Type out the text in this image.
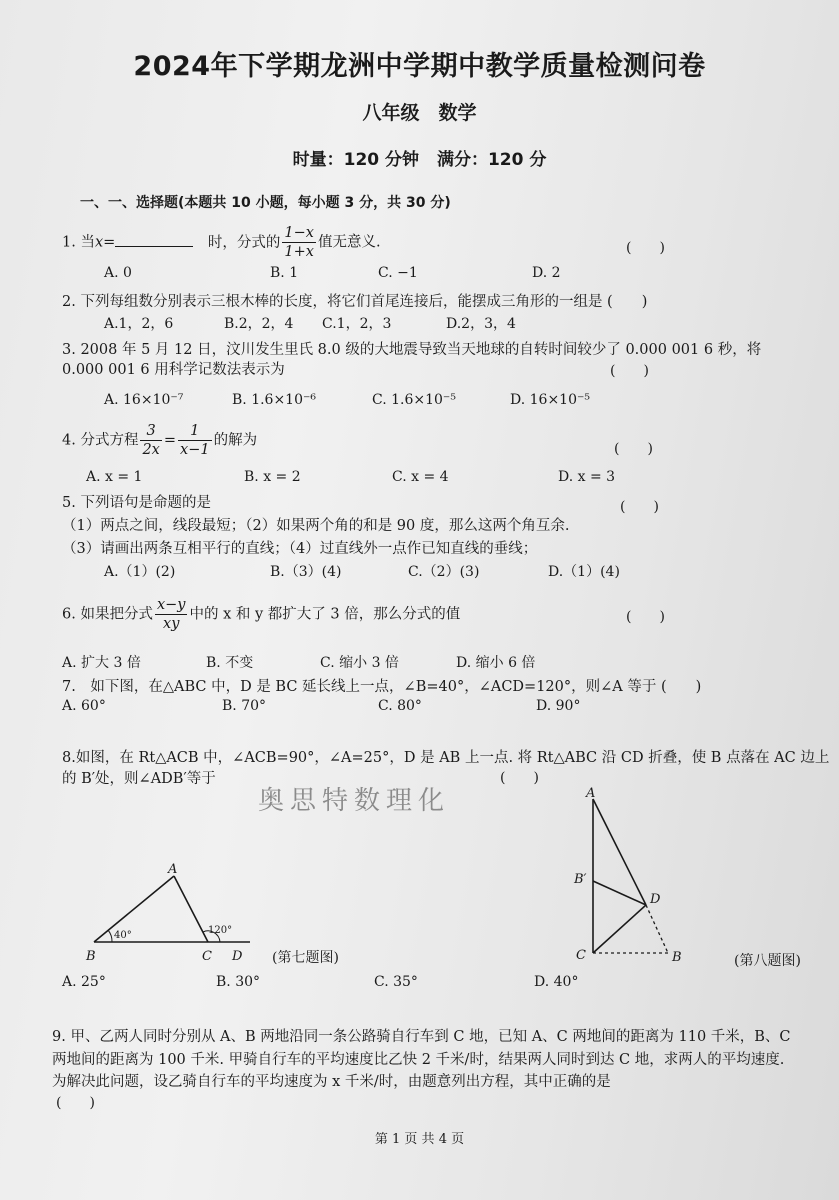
2024年下学期龙洲中学期中教学质量检测问卷
八年级　数学
时量：120 分钟 满分：120 分
一、一、选择题(本题共 10 小题，每小题 3 分，共 30 分)
1. 当x=	时，分式的 $\frac{1-x}{1+x}$ 值无意义.	(　　)
A. 0	B. 1	C. −1	D. 2
2. 下列每组数分别表示三根木棒的长度，将它们首尾连接后，能摆成三角形的一组是 (　　)
A.1，2，6	B.2，2，4 C.1，2，3	D.2，3，4
3. 2008 年 5 月 12 日，汶川发生里氏 8.0 级的大地震导致当天地球的自转时间较少了 0.000 001 6 秒，将
0.000 001 6 用科学记数法表示为	(　　)
A. 16×10⁻⁷	B. 1.6×10⁻⁶	C. 1.6×10⁻⁵	D. 16×10⁻⁵
4. 分式方程 $\frac{3}{2x} = \frac{1}{x-1}$ 的解为
(　　)
A. x = 1	B. x = 2	C. x = 4	D. x = 3
5. 下列语句是命题的是	(　　)
（1）两点之间，线段最短；（2）如果两个角的和是 90 度，那么这两个角互余.
（3）请画出两条互相平行的直线；（4）过直线外一点作已知直线的垂线；
A.（1）(2)	B.（3）(4)	C.（2）(3)	D.（1）(4)
6. 如果把分式 $\frac{x-y}{xy}$ 中的 x 和 y 都扩大了 3 倍，那么分式的值	(　　)
A. 扩大 3 倍	B. 不变	C. 缩小 3 倍	D. 缩小 6 倍
7.　如下图，在△ABC 中，D 是 BC 延长线上一点，∠B=40°，∠ACD=120°，则∠A 等于 (　　)
A. 60°	B. 70°	C. 80°	D. 90°
8.如图，在 Rt△ACB 中，∠ACB=90°，∠A=25°，D 是 AB 上一点. 将 Rt△ABC 沿 CD 折叠，使 B 点落在 AC 边上
的 B′处，则∠ADB′等于	(　　)
奥思特数理化
A
B	C D
40°	120°
(第七题图)
A
B′
D
C	B	(第八题图)
A. 25°	B. 30°	C. 35°	D. 40°
9. 甲、乙两人同时分别从 A、B 两地沿同一条公路骑自行车到 C 地，已知 A、C 两地间的距离为 110 千米，B、C
两地间的距离为 100 千米. 甲骑自行车的平均速度比乙快 2 千米/时，结果两人同时到达 C 地，求两人的平均速度.
为解决此问题，设乙骑自行车的平均速度为 x 千米/时，由题意列出方程，其中正确的是
(　　)
第 1 页 共 4 页
